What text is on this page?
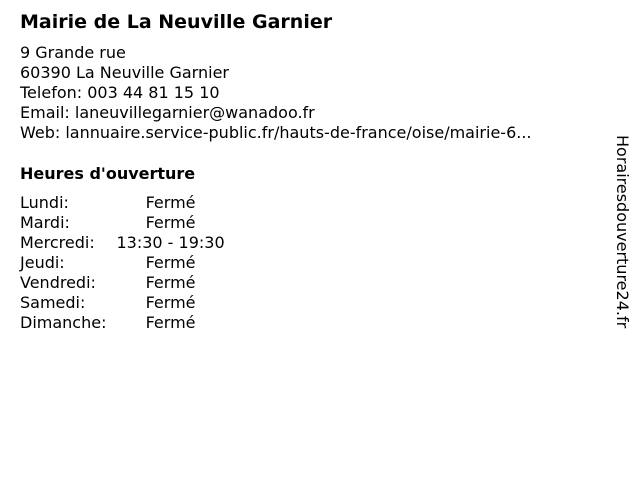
Mairie de La Neuville Garnier
9 Grande rue
60390 La Neuville Garnier
Telefon: 003 44 81 15 10
Email: laneuvillegarnier@wanadoo.fr
Web: lannuaire.service-public.fr/hauts-de-france/oise/mairie-6...
Heures d'ouverture
Lundi:	Fermé
Mardi:	Fermé
Mercredi:	13:30 - 19:30
Jeudi:	Fermé
Vendredi:	Fermé
Samedi:	Fermé
Dimanche:	Fermé	Horairesdouverture24.fr
